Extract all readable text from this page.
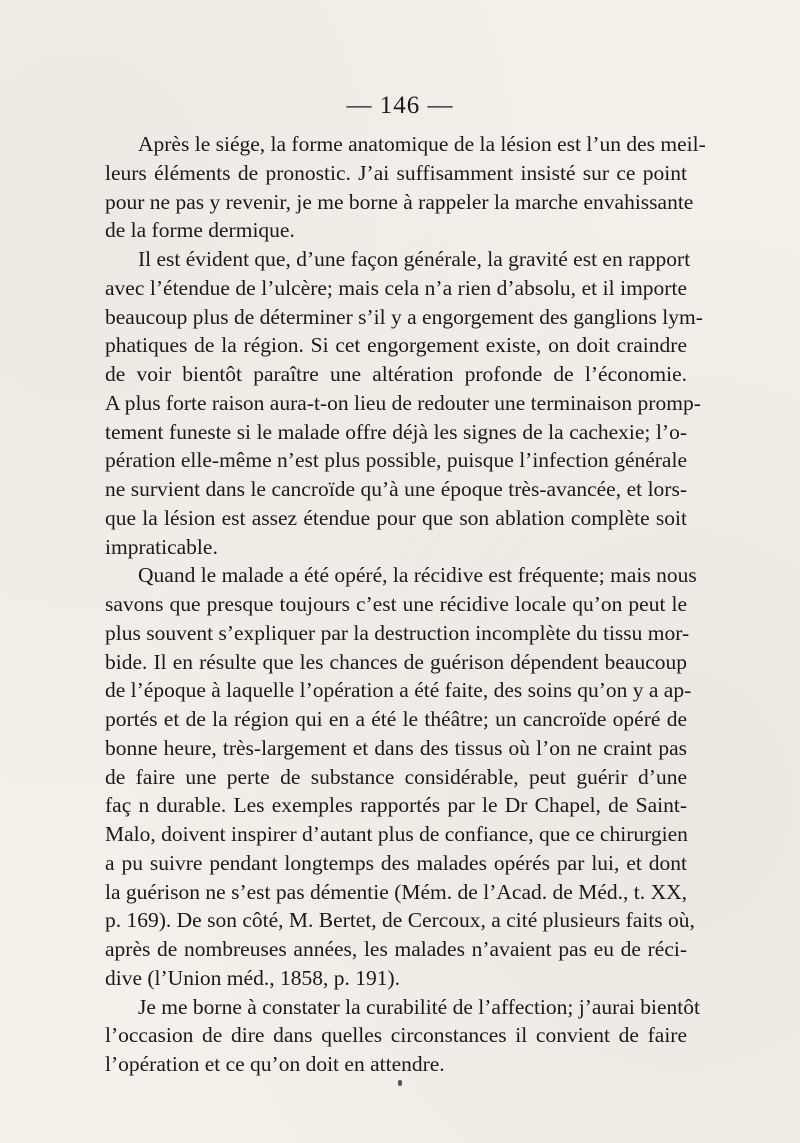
— 146 —
Après le siége, la forme anatomique de la lésion est l’un des meil-
leurs éléments de pronostic. J’ai suffisamment insisté sur ce point
pour ne pas y revenir, je me borne à rappeler la marche envahissante
de la forme dermique.
Il est évident que, d’une façon générale, la gravité est en rapport
avec l’étendue de l’ulcère; mais cela n’a rien d’absolu, et il importe
beaucoup plus de déterminer s’il y a engorgement des ganglions lym-
phatiques de la région. Si cet engorgement existe, on doit craindre
de voir bientôt paraître une altération profonde de l’économie.
A plus forte raison aura-t-on lieu de redouter une terminaison promp-
tement funeste si le malade offre déjà les signes de la cachexie; l’o-
pération elle-même n’est plus possible, puisque l’infection générale
ne survient dans le cancroïde qu’à une époque très-avancée, et lors-
que la lésion est assez étendue pour que son ablation complète soit
impraticable.
Quand le malade a été opéré, la récidive est fréquente; mais nous
savons que presque toujours c’est une récidive locale qu’on peut le
plus souvent s’expliquer par la destruction incomplète du tissu mor-
bide. Il en résulte que les chances de guérison dépendent beaucoup
de l’époque à laquelle l’opération a été faite, des soins qu’on y a ap-
portés et de la région qui en a été le théâtre; un cancroïde opéré de
bonne heure, très-largement et dans des tissus où l’on ne craint pas
de faire une perte de substance considérable, peut guérir d’une
faç n durable. Les exemples rapportés par le Dr Chapel, de Saint-
Malo, doivent inspirer d’autant plus de confiance, que ce chirurgien
a pu suivre pendant longtemps des malades opérés par lui, et dont
la guérison ne s’est pas démentie (Mém. de l’Acad. de Méd., t. XX,
p. 169). De son côté, M. Bertet, de Cercoux, a cité plusieurs faits où,
après de nombreuses années, les malades n’avaient pas eu de réci-
dive (l’Union méd., 1858, p. 191).
Je me borne à constater la curabilité de l’affection; j’aurai bientôt
l’occasion de dire dans quelles circonstances il convient de faire
l’opération et ce qu’on doit en attendre.
